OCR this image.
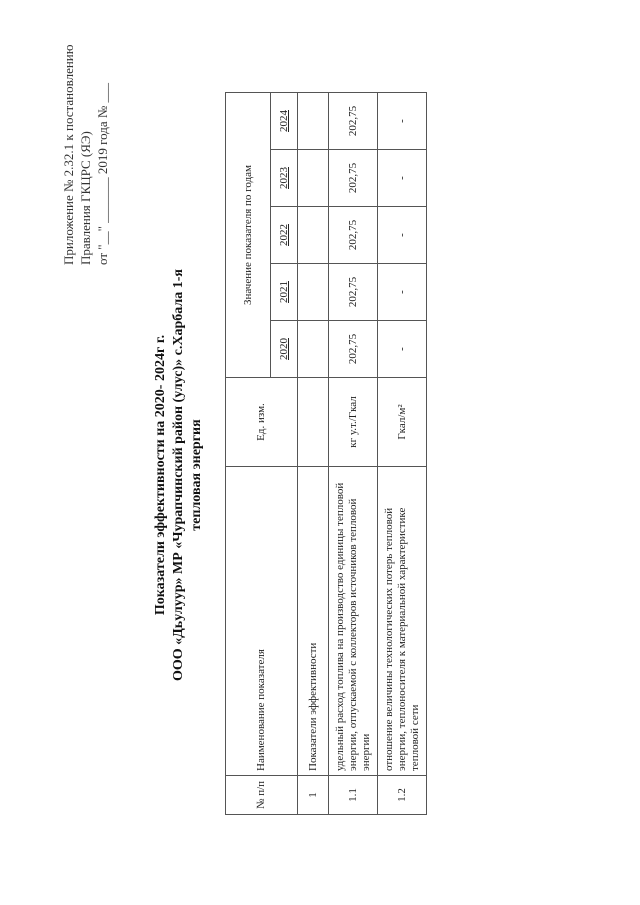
Приложение № 2.32.1 к постановлению Правления ГКЦРС (ЯЭ) от "__" _______ 2019 года № ___
Показатели эффективности на 2020- 2024г г. ООО «Дьулуур» МР «Чурапчинский район (улус)» с.Харбала 1-я тепловая энергия
№ п/п	Наименование показателя	Ед. изм.	Значение показателя по годам				
			2020	2021	2022	2023	2024
1	Показатели эффективности						
1.1	удельный расход топлива на производство единицы тепловой энергии, отпускаемой с коллекторов источников тепловой энергии	кг у.т./Гкал	202,75	202,75	202,75	202,75	202,75
1.2	отношение величины технологических потерь тепловой энергии, теплоносителя к материальной характеристике тепловой сети	Гкал/м²	-	-	-	-	-
